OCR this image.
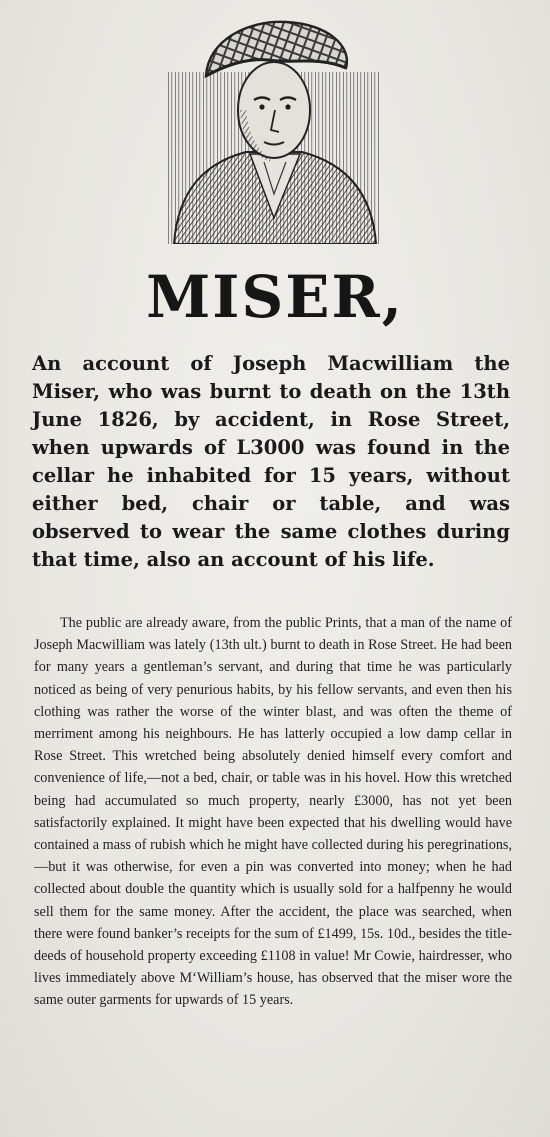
MISER,
An account of Joseph Macwilliam the Miser, who was burnt to death on the 13th June 1826, by accident, in Rose Street, when upwards of L3000 was found in the cellar he inhabited for 15 years, without either bed, chair or table, and was observed to wear the same clothes during that time, also an account of his life.
The public are already aware, from the public Prints, that a man of the name of Joseph Macwilliam was lately (13th ult.) burnt to death in Rose Street. He had been for many years a gentleman’s servant, and during that time he was particularly noticed as being of very penurious habits, by his fellow servants, and even then his clothing was rather the worse of the winter blast, and was often the theme of merriment among his neighbours. He has latterly occupied a low damp cellar in Rose Street. This wretched being absolutely denied himself every comfort and convenience of life,—not a bed, chair, or table was in his hovel. How this wretched being had accumulated so much property, nearly £3000, has not yet been satisfactorily explained. It might have been expected that his dwelling would have contained a mass of rubish which he might have collected during his peregrinations,—but it was otherwise, for even a pin was converted into money; when he had collected about double the quantity which is usually sold for a halfpenny he would sell them for the same money. After the accident, the place was searched, when there were found banker’s receipts for the sum of £1499, 15s. 10d., besides the title-deeds of household property exceeding £1108 in value! Mr Cowie, hairdresser, who lives immediately above M‘William’s house, has observed that the miser wore the same outer garments for upwards of 15 years.
